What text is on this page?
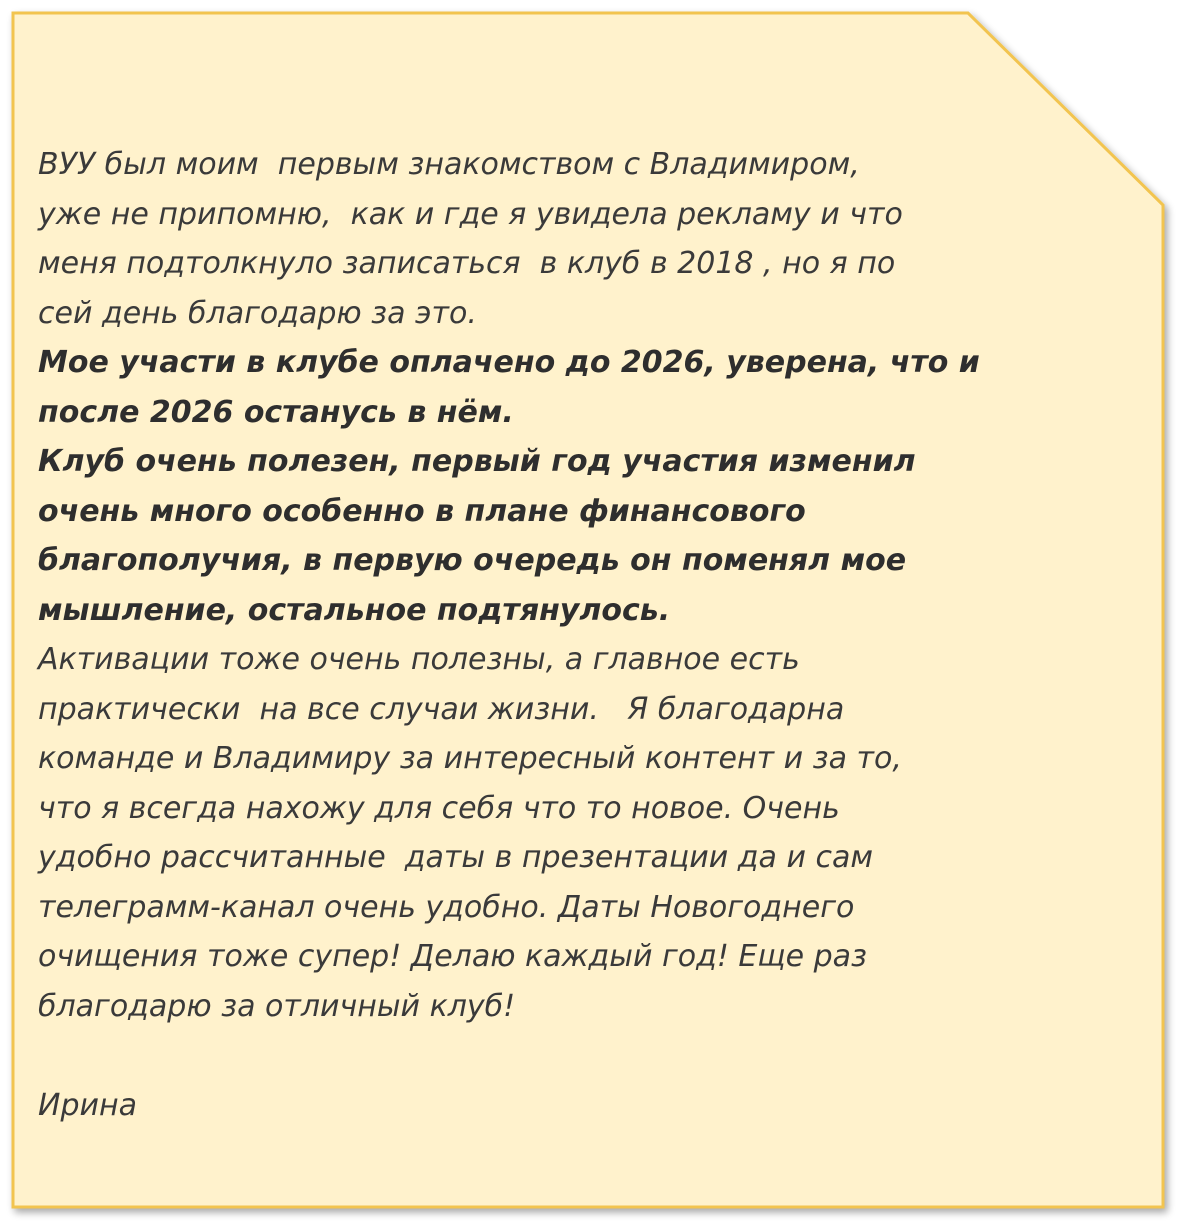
ВУУ был моим  первым знакомством с Владимиром,

уже не припомню,  как и где я увидела рекламу и что

меня подтолкнуло записаться  в клуб в 2018 , но я по

сей день благодарю за это.

Мое участи в клубе оплачено до 2026, уверена, что и

после 2026 останусь в нём.

Клуб очень полезен, первый год участия изменил

очень много особенно в плане финансового

благополучия, в первую очередь он поменял мое

мышление, остальное подтянулось.

Активации тоже очень полезны, а главное есть

практически  на все случаи жизни.   Я благодарна

команде и Владимиру за интересный контент и за то,

что я всегда нахожу для себя что то новое. Очень

удобно рассчитанные  даты в презентации да и сам

телеграмм-канал очень удобно. Даты Новогоднего

очищения тоже супер! Делаю каждый год! Еще раз

благодарю за отличный клуб!

Ирина
